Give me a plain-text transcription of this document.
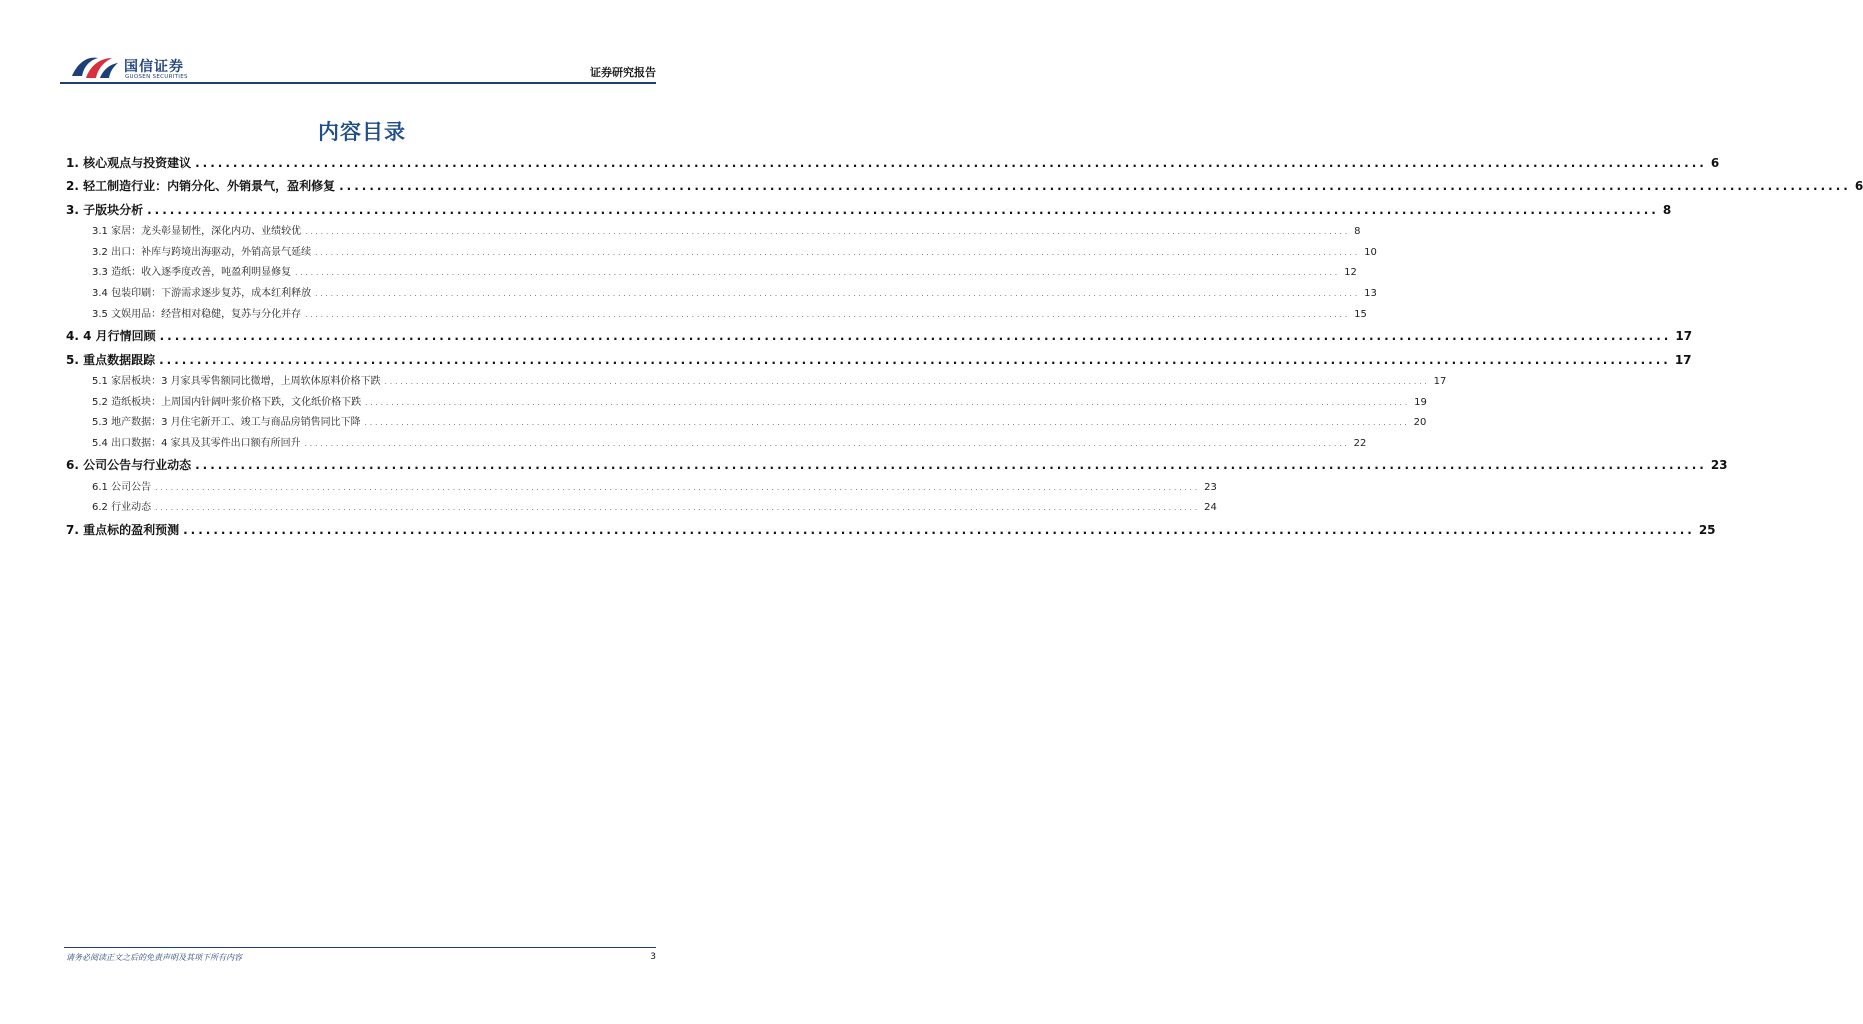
国信证券
GUOSEN SECURITIES	证券研究报告
内容目录
1. 核心观点与投资建议 ........................................................................................................................................................................................................ 6
2. 轻工制造行业：内销分化、外销景气，盈利修复 ........................................................................................................................................................................................................ 6
3. 子版块分析 ........................................................................................................................................................................................................ 8
3.1 家居：龙头彰显韧性，深化内功、业绩较优 ........................................................................................................................................................................................................ 8
3.2 出口：补库与跨境出海驱动，外销高景气延续 ........................................................................................................................................................................................................ 10
3.3 造纸：收入逐季度改善，吨盈利明显修复 ........................................................................................................................................................................................................ 12
3.4 包装印刷：下游需求逐步复苏，成本红利释放 ........................................................................................................................................................................................................ 13
3.5 文娱用品：经营相对稳健，复苏与分化并存 ........................................................................................................................................................................................................ 15
4. 4 月行情回顾 ........................................................................................................................................................................................................ 17
5. 重点数据跟踪 ........................................................................................................................................................................................................ 17
5.1 家居板块：3 月家具零售额同比微增，上周软体原料价格下跌 ........................................................................................................................................................................................................ 17
5.2 造纸板块：上周国内针阔叶浆价格下跌，文化纸价格下跌 ........................................................................................................................................................................................................ 19
5.3 地产数据：3 月住宅新开工、竣工与商品房销售同比下降 ........................................................................................................................................................................................................ 20
5.4 出口数据：4 家具及其零件出口额有所回升 ........................................................................................................................................................................................................ 22
6. 公司公告与行业动态 ........................................................................................................................................................................................................ 23
6.1 公司公告 ........................................................................................................................................................................................................ 23
6.2 行业动态 ........................................................................................................................................................................................................ 24
7. 重点标的盈利预测 ........................................................................................................................................................................................................ 25
请务必阅读正文之后的免责声明及其项下所有内容	3
